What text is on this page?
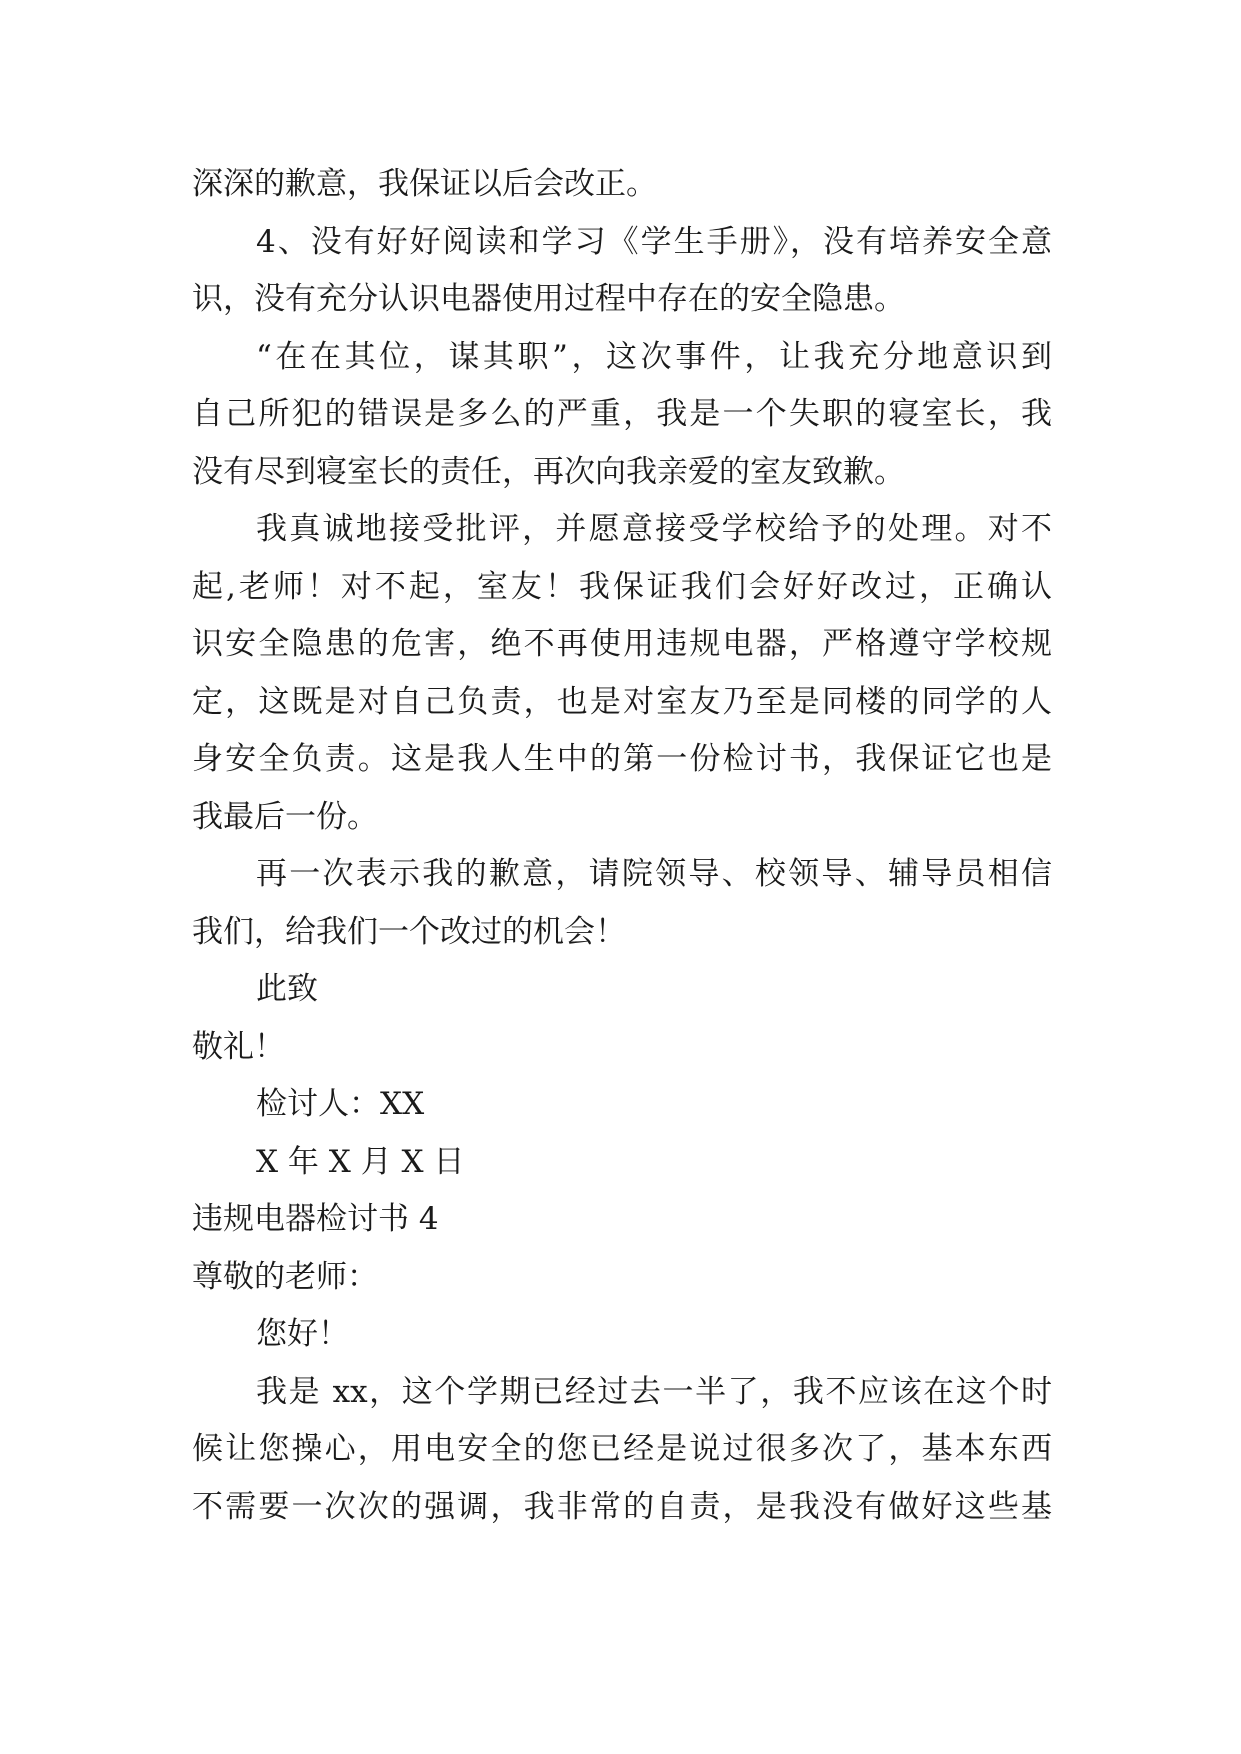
深深的歉意，我保证以后会改正。
4、没有好好阅读和学习《学生手册》，没有培养安全意
识，没有充分认识电器使用过程中存在的安全隐患。
“在在其位，谋其职”，这次事件，让我充分地意识到
自己所犯的错误是多么的严重，我是一个失职的寝室长，我
没有尽到寝室长的责任，再次向我亲爱的室友致歉。
我真诚地接受批评，并愿意接受学校给予的处理。对不
起,老师！对不起，室友！我保证我们会好好改过，正确认
识安全隐患的危害，绝不再使用违规电器，严格遵守学校规
定，这既是对自己负责，也是对室友乃至是同楼的同学的人
身安全负责。这是我人生中的第一份检讨书，我保证它也是
我最后一份。
再一次表示我的歉意，请院领导、校领导、辅导员相信
我们，给我们一个改过的机会！
此致
敬礼！
检讨人：XX
X 年 X 月 X 日
违规电器检讨书 4
尊敬的老师：
您好！
我是 xx，这个学期已经过去一半了，我不应该在这个时
候让您操心，用电安全的您已经是说过很多次了，基本东西
不需要一次次的强调，我非常的自责，是我没有做好这些基
